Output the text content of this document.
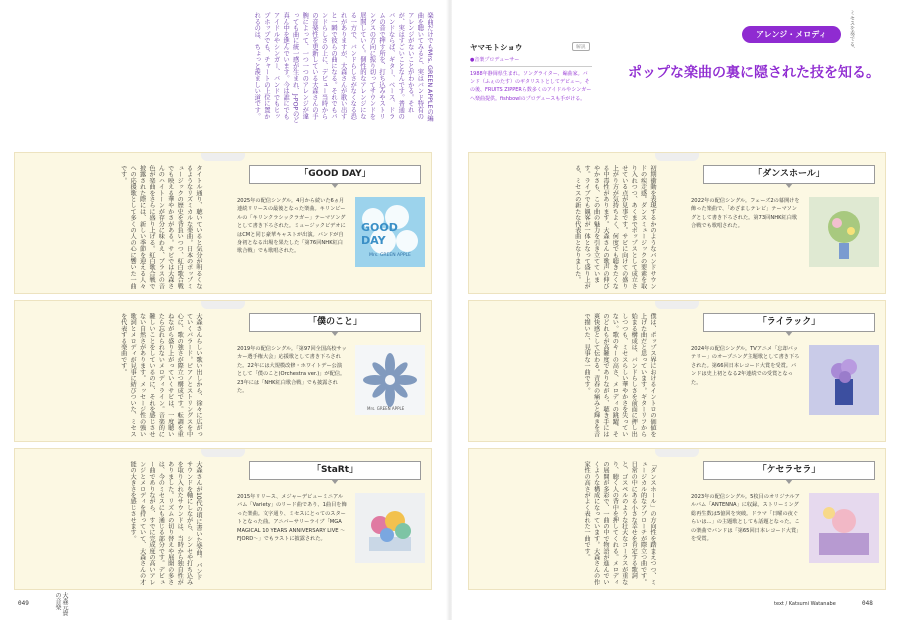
楽曲だけでもMrs. GREEN APPLEの編曲を聴いてみると、実はバンド特有のアレンジがないことがわかる。それが、実はすごいことなんです。普通のバンドならば、ギター、ベース、ドラムの音で押す所を、打ち込みやストリングスの方向に振り切ってサウンドを展開していく。個性的なアレンジになる一方で、バンドらしさがなくなる恐れがありますが、大森さんが歌い出すと一瞬で彼らの曲になる。それでもバンドらしさの上に、デビュー当時からの音楽性を更新している大森さんの手腕によって、一つ一つのアレンジが違っても曲に統一感が生まれ、J-POPのど真ん中を進んでいます。今は誰にでもアイドルやシンガー、バンドでもヒップホップでも、チャートの上位に置かれるのは、ちょっと羨ましい道です。
タイトル通り、聴いていると気分が明るくなるようなリズミカルな楽曲。日本のポップミュージックの歴史を背負いつつ、紅白歌合戦でも映える華やかさがある。サビでは大森さんのハイトーンが存分に味わえ、ブラスの音色が楽曲をさらに盛り上げる。紅白歌合戦で披露された際には、新しい季節を迎える人々への応援歌として多くの人の心に響いた一曲です。	「GOOD DAY」
2025年の配信シングル。4月から続いた6ヵ月連続リリースの最後となった楽曲。キリンビールの「キリンクラシックラガー」テーマソングとして書き下ろされた。ミュージックビデオにはCMと同じ豪華キャストが出演。バンドが自身初となる出場を果たした「第76回NHK紅白歌合戦」でも歌唱された。
GOOD DAY
Mrs. GREEN APPLE
大森さんらしい歌い出しから、徐々に広がっていくバラード。ピアノとストリングスを中心に、歌の強さが際立つ構成です。転調を重ねながら盛り上がっていくサビは、一度聴いたら忘れられないメロディライン。音楽的に難しいことをしているのに、それを感じさせない自然さがあります。メッセージ性の強い歌詞とメロディが見事に結びついた、ミセスを代表する楽曲です。	「僕のこと」
2019年の配信シングル。「第97回全国高校サッカー選手権大会」応援歌として書き下ろされた。22年には大規模改修・ホワイトデー公演として「僕のこと(Orchestra ver.)」が配信。23年には「NHK紅白歌合戦」でも披露された。
Mrs. GREEN APPLE
大森さんが10代の頃に書いた楽曲。バンドサウンドを軸にしながら、シンセや打ち込みを取り入れたサウンドは、当時から独自性がありました。リズムの切り替えや展開の多さは、今のミセスにも通じる部分です。デビュー曲でありながら、すでに完成度の高いアレンジとメロディを持っていて、大森さんの才能の大きさを感じさせます。	「StaRt」
2015年リリース、メジャーデビューミニアルバム「Variety」のリード曲であり、1曲目を飾った楽曲。文字通り、ミセスにとってのスタートとなった曲。アニバーサリーライブ「MGA MAGICAL 10 YEARS ANNIVERSARY LIVE ～FJORD～」でもラストに披露された。
049	大森元貴の音楽
ヤマモトショウ	解説
●音楽プロデューサー
1988年静岡県生まれ。ソングライター、編曲家。バンド（ふぇのたす）のギタリストとしてデビュー。その後、FRUITS ZIPPERら数多くのアイドルやシンガーへ楽曲提供。fishbowlのプロデュースも手がける。
アレンジ・メロディ	ミセスを奏でる、
ポップな楽曲の裏に隠された技を知る。
初期衝動を表現するかのようなバンドサウンドの疾走感。ダンスミュージックの要素を取り入れつつ、あくまでポップスとして成立させている点が見事です。サビに向けての盛り上がり方が気持ちよく、何度でも聴きたくなる中毒性があります。大森さんの歌声の伸びやかさも、この曲の魅力を引き立てています。ライブでも観客が一体となって盛り上がる、ミセスの新たな代表曲となりました。	「ダンスホール」
2022年の配信シングル。フェーズ2の幕開けを飾った楽曲で、「めざましテレビ」テーマソングとして書き下ろされた。第73回NHK紅白歌合戦でも歌唱された。
僕は、ポップス界におけるイントロの価値を上げた曲だと思っています。ギターリフから始まる構成は、バンドらしさを前面に押し出しつつも、ミセスらしい華やかさを失っていない。歌のキーの高さ、メロディの跳躍、そのどれもが高難度でありながら、聴き手には爽快感として伝わる。青春の痛みと輝きを音で描いた、見事な一曲です。	「ライラック」
2024年の配信シングル。TVアニメ「忘却バッテリー」のオープニング主題歌として書き下ろされた。第66回日本レコード大賞を受賞。バンドは史上初となる2年連続での受賞となった。
「ダンスホール」の方向性を踏まえつつ、ミュージカル的なアプローチが際立つ曲です。日常の中にある小さな幸せを肯定する歌詞と、ゴスペルのような壮大なコーラスが重なり、聴く人の背中を押してくれる。メロディの展開が多彩で、一曲の中で物語が進んでいくような構成になっています。大森さんの作家性の高さがよく表れた一曲です。	「ケセラセラ」
2023年の配信シングル。5枚目のオリジナルアルバム「ANTENNA」に収録。ストリーミング総再生数は5億回を突破。ドラマ「日曜の夜ぐらいは...」の主題歌としても話題となった。この楽曲でバンドは「第65回日本レコード大賞」を受賞。
text / Katsumi Watanabe	048
